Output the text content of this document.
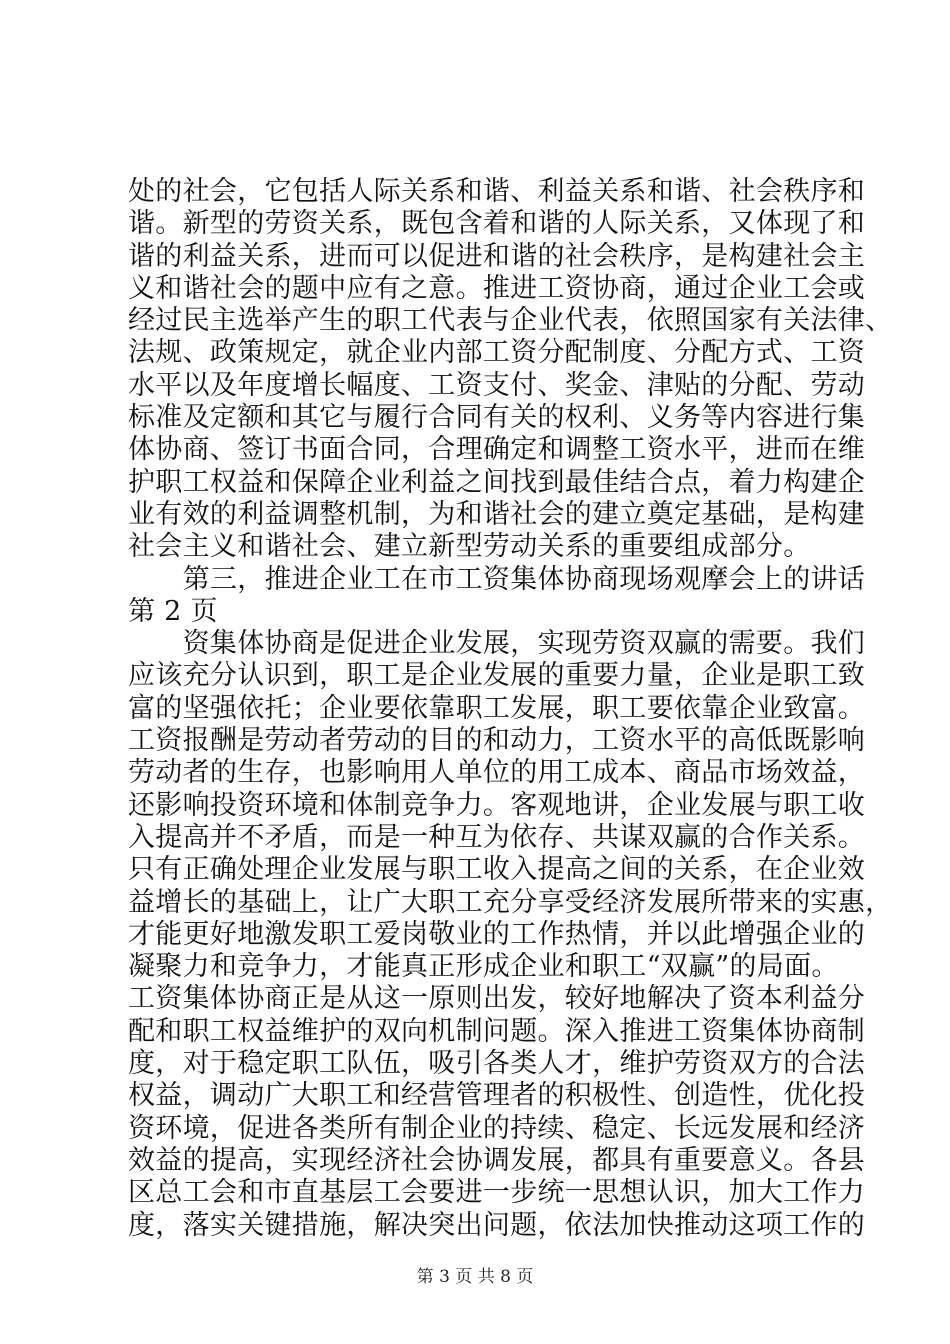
处的社会，它包括人际关系和谐、利益关系和谐、社会秩序和
谐。新型的劳资关系，既包含着和谐的人际关系，又体现了和
谐的利益关系，进而可以促进和谐的社会秩序，是构建社会主
义和谐社会的题中应有之意。推进工资协商，通过企业工会或
经过民主选举产生的职工代表与企业代表，依照国家有关法律、
法规、政策规定，就企业内部工资分配制度、分配方式、工资
水平以及年度增长幅度、工资支付、奖金、津贴的分配、劳动
标准及定额和其它与履行合同有关的权利、义务等内容进行集
体协商、签订书面合同，合理确定和调整工资水平，进而在维
护职工权益和保障企业利益之间找到最佳结合点，着力构建企
业有效的利益调整机制，为和谐社会的建立奠定基础，是构建
社会主义和谐社会、建立新型劳动关系的重要组成部分。
　　第三，推进企业工在市工资集体协商现场观摩会上的讲话
第 2 页
　　资集体协商是促进企业发展，实现劳资双赢的需要。我们
应该充分认识到，职工是企业发展的重要力量，企业是职工致
富的坚强依托；企业要依靠职工发展，职工要依靠企业致富。
工资报酬是劳动者劳动的目的和动力，工资水平的高低既影响
劳动者的生存，也影响用人单位的用工成本、商品市场效益，
还影响投资环境和体制竞争力。客观地讲，企业发展与职工收
入提高并不矛盾，而是一种互为依存、共谋双赢的合作关系。
只有正确处理企业发展与职工收入提高之间的关系，在企业效
益增长的基础上，让广大职工充分享受经济发展所带来的实惠，
才能更好地激发职工爱岗敬业的工作热情，并以此增强企业的
凝聚力和竞争力，才能真正形成企业和职工“双赢”的局面。
工资集体协商正是从这一原则出发，较好地解决了资本利益分
配和职工权益维护的双向机制问题。深入推进工资集体协商制
度，对于稳定职工队伍，吸引各类人才，维护劳资双方的合法
权益，调动广大职工和经营管理者的积极性、创造性，优化投
资环境，促进各类所有制企业的持续、稳定、长远发展和经济
效益的提高，实现经济社会协调发展，都具有重要意义。各县
区总工会和市直基层工会要进一步统一思想认识，加大工作力
度，落实关键措施，解决突出问题，依法加快推动这项工作的
第 3 页 共 8 页
